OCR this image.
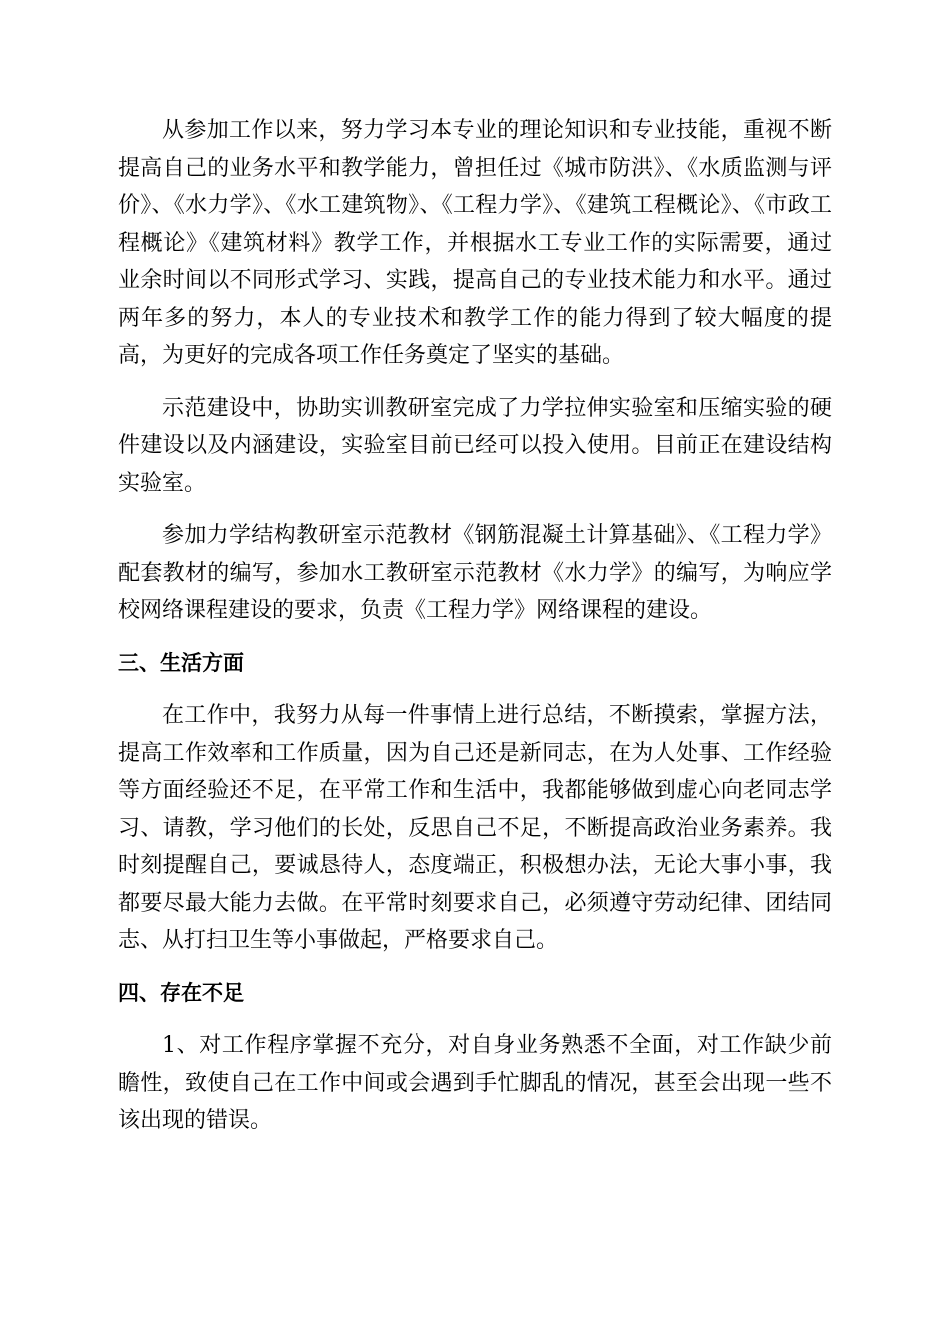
从参加工作以来，努力学习本专业的理论知识和专业技能，重视不断提高自己的业务水平和教学能力，曾担任过《城市防洪》、《水质监测与评价》、《水力学》、《水工建筑物》、《工程力学》、《建筑工程概论》、《市政工程概论》《建筑材料》教学工作，并根据水工专业工作的实际需要，通过业余时间以不同形式学习、实践，提高自己的专业技术能力和水平。通过两年多的努力，本人的专业技术和教学工作的能力得到了较大幅度的提高，为更好的完成各项工作任务奠定了坚实的基础。

示范建设中，协助实训教研室完成了力学拉伸实验室和压缩实验的硬件建设以及内涵建设，实验室目前已经可以投入使用。目前正在建设结构实验室。

参加力学结构教研室示范教材《钢筋混凝土计算基础》、《工程力学》配套教材的编写，参加水工教研室示范教材《水力学》的编写，为响应学校网络课程建设的要求，负责《工程力学》网络课程的建设。

三、生活方面

在工作中，我努力从每一件事情上进行总结，不断摸索，掌握方法，提高工作效率和工作质量，因为自己还是新同志，在为人处事、工作经验等方面经验还不足，在平常工作和生活中，我都能够做到虚心向老同志学习、请教，学习他们的长处，反思自己不足，不断提高政治业务素养。我时刻提醒自己，要诚恳待人，态度端正，积极想办法，无论大事小事，我都要尽最大能力去做。在平常时刻要求自己，必须遵守劳动纪律、团结同志、从打扫卫生等小事做起，严格要求自己。

四、存在不足

1、对工作程序掌握不充分，对自身业务熟悉不全面，对工作缺少前瞻性，致使自己在工作中间或会遇到手忙脚乱的情况，甚至会出现一些不该出现的错误。
